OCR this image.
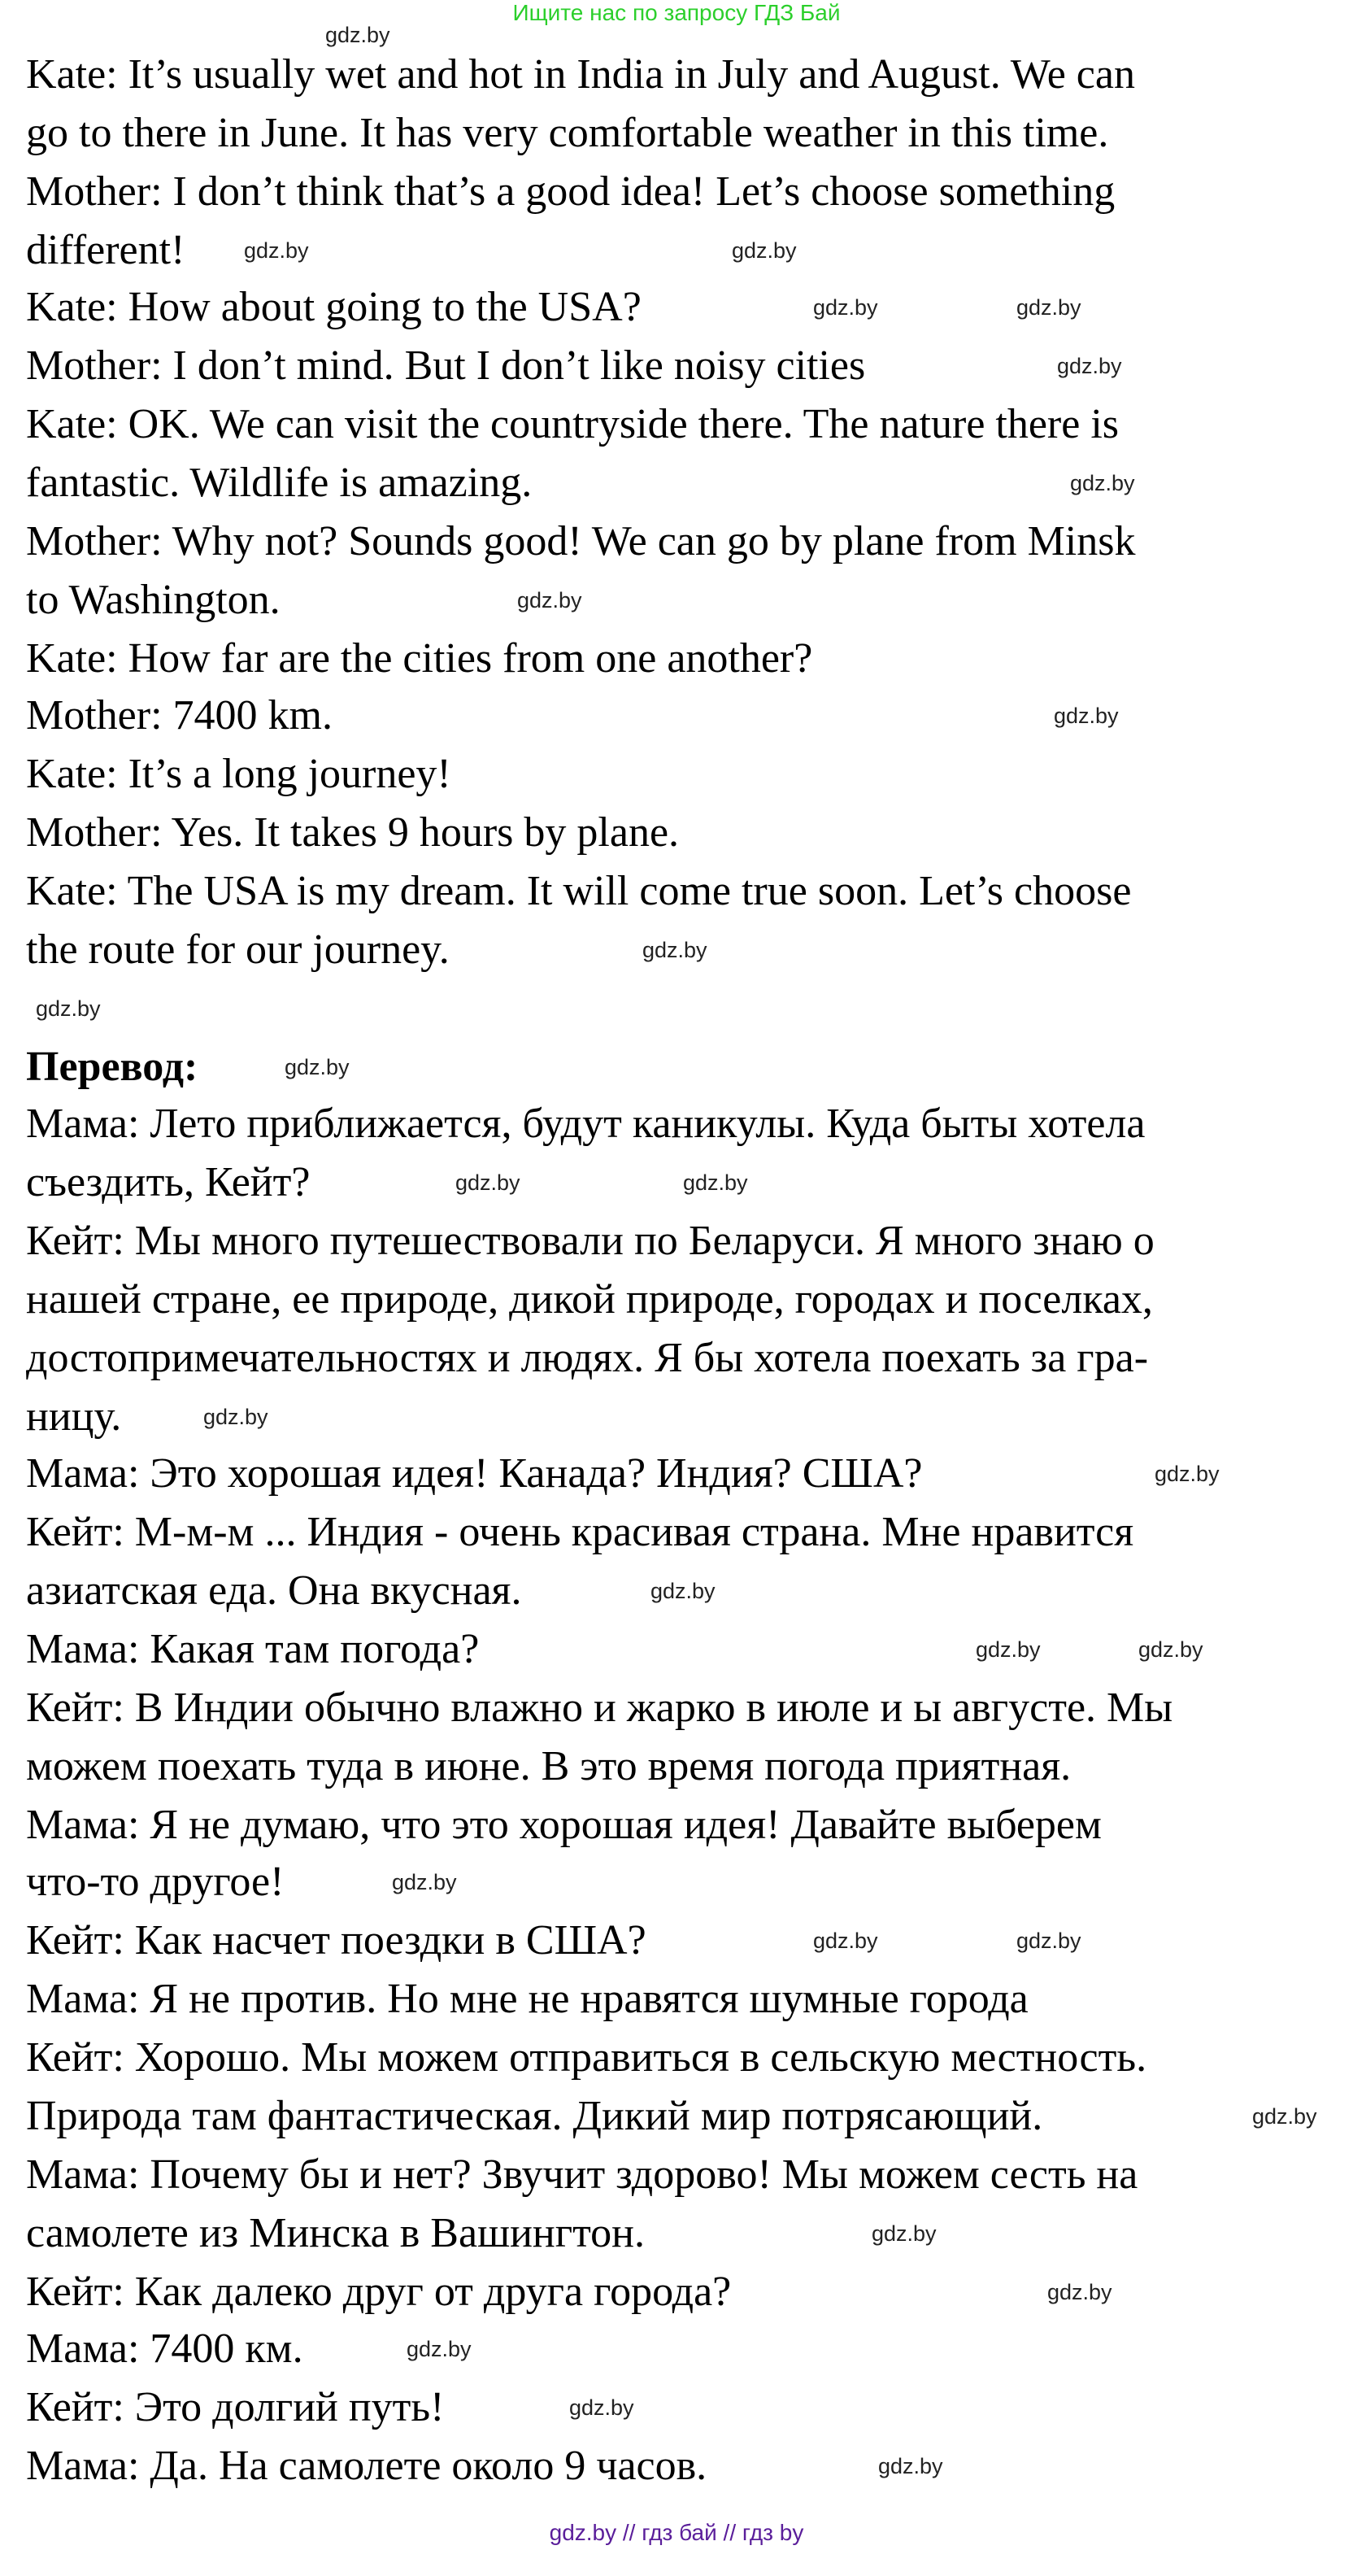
Ищите нас по запросу ГДЗ Бай
Kate: It’s usually wet and hot in India in July and August. We can
go to there in June. It has very comfortable weather in this time.
Mother: I don’t think that’s a good idea! Let’s choose something
different!
Kate: How about going to the USA?
Mother: I don’t mind. But I don’t like noisy cities
Kate: OK. We can visit the countryside there. The nature there is
fantastic. Wildlife is amazing.
Mother: Why not? Sounds good! We can go by plane from Minsk
to Washington.
Kate: How far are the cities from one another?
Mother: 7400 km.
Kate: It’s a long journey!
Mother: Yes. It takes 9 hours by plane.
Kate: The USA is my dream. It will come true soon. Let’s choose
the route for our journey.
Перевод:
Мама: Лето приближается, будут каникулы. Куда быты хотела
съездить, Кейт?
Кейт: Мы много путешествовали по Беларуси. Я много знаю о
нашей стране, ее природе, дикой природе, городах и поселках,
достопримечательностях и людях. Я бы хотела поехать за гра-
ницу.
Мама: Это хорошая идея! Канада? Индия? США?
Кейт: М-м-м ... Индия - очень красивая страна. Мне нравится
азиатская еда. Она вкусная.
Мама: Какая там погода?
Кейт: В Индии обычно влажно и жарко в июле и ы августе. Мы
можем поехать туда в июне. В это время погода приятная.
Мама: Я не думаю, что это хорошая идея! Давайте выберем
что-то другое!
Кейт: Как насчет поездки в США?
Мама: Я не против. Но мне не нравятся шумные города
Кейт: Хорошо. Мы можем отправиться в сельскую местность.
Природа там фантастическая. Дикий мир потрясающий.
Мама: Почему бы и нет? Звучит здорово! Мы можем сесть на
самолете из Минска в Вашингтон.
Кейт: Как далеко друг от друга города?
Мама: 7400 км.
Кейт: Это долгий путь!
Мама: Да. На самолете около 9 часов.
gdz.by
gdz.by
gdz.by
gdz.by
gdz.by
gdz.by
gdz.by
gdz.by
gdz.by
gdz.by
gdz.by
gdz.by
gdz.by
gdz.by
gdz.by
gdz.by
gdz.by
gdz.by
gdz.by
gdz.by
gdz.by	gdz.by
gdz.by
gdz.by
gdz.by
gdz.by
gdz.by
gdz.by
gdz.by // гдз бай // гдз by
